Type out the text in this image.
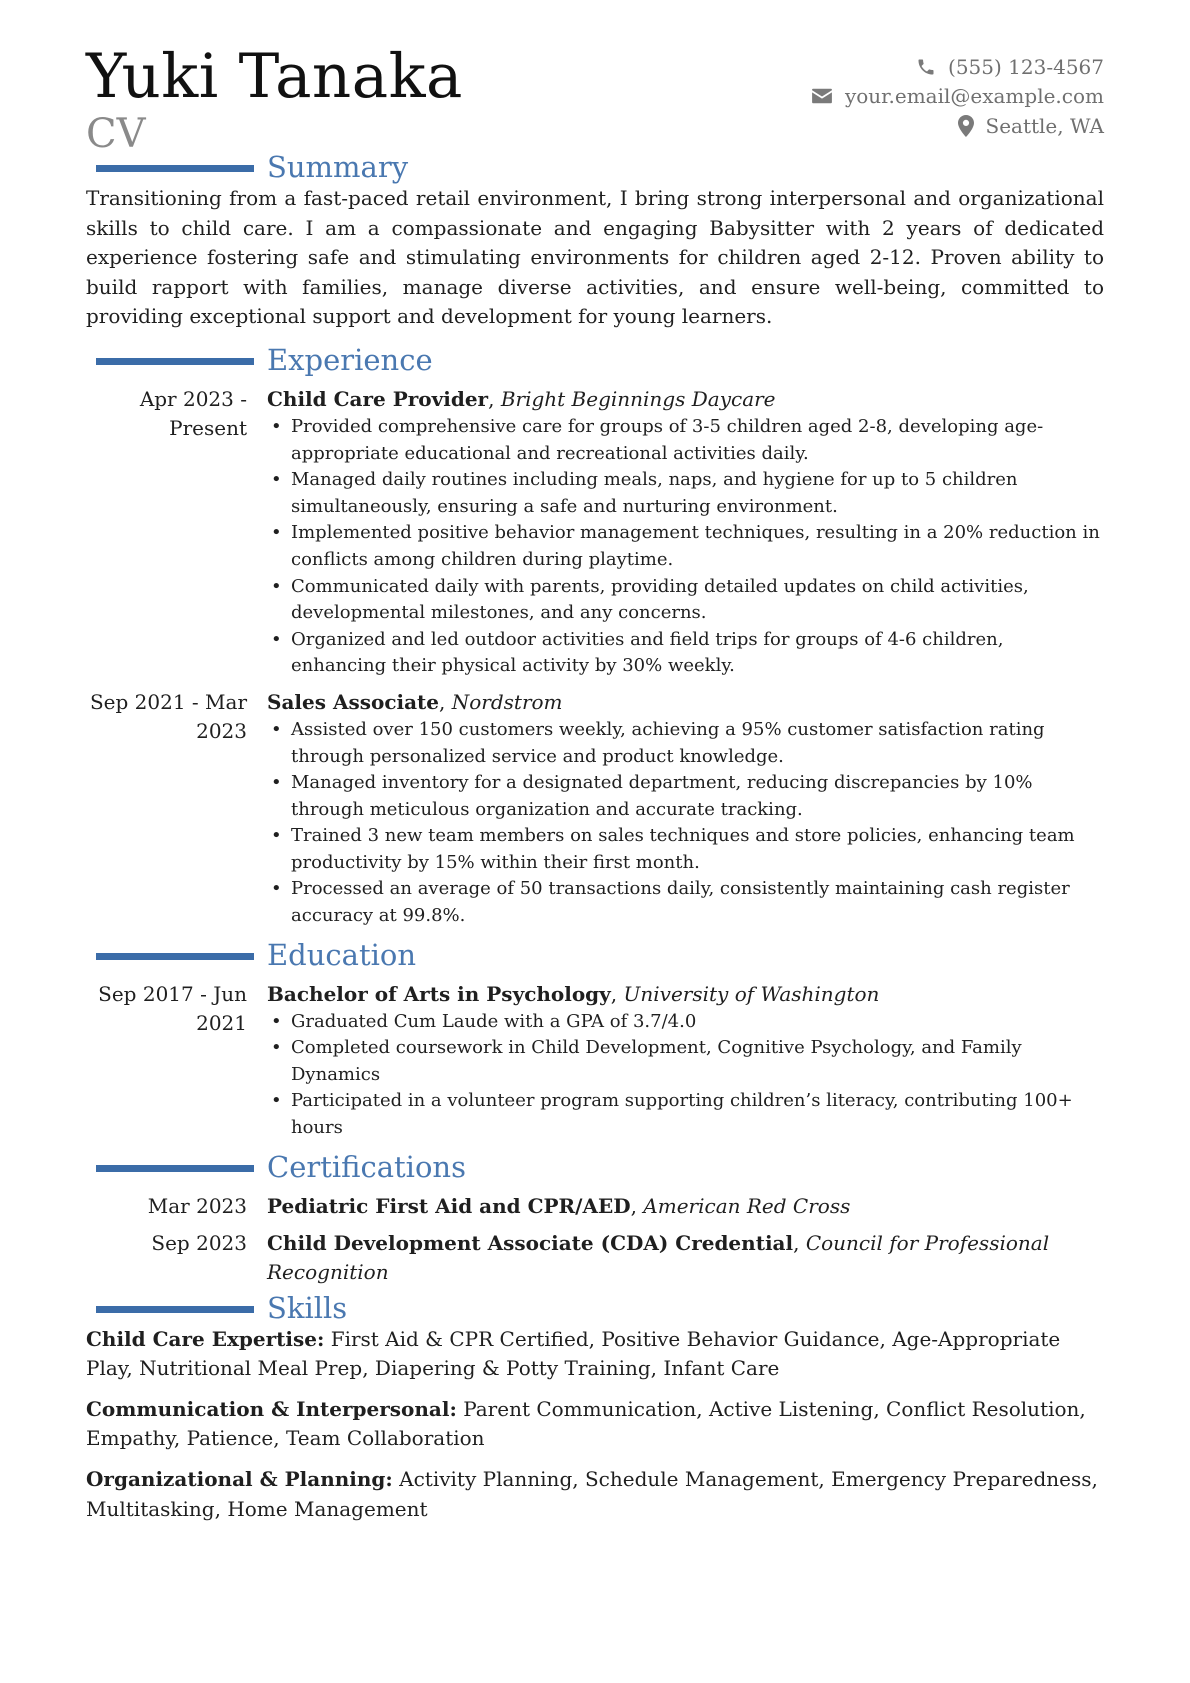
Yuki Tanaka
CV
(555) 123-4567
your.email@example.com
Seattle, WA
Summary
Transitioning from a fast-paced retail environment, I bring strong interpersonal and organizational skills to child care. I am a compassionate and engaging Babysitter with 2 years of dedicated experience fostering safe and stimulating environments for children aged 2-12. Proven ability to build rapport with families, manage diverse activities, and ensure well-being, committed to providing exceptional support and development for young learners.
Experience
Apr 2023 -
Present
Child Care Provider, Bright Beginnings Daycare
• Provided comprehensive care for groups of 3-5 children aged 2-8, developing age-appropriate educational and recreational activities daily.
• Managed daily routines including meals, naps, and hygiene for up to 5 children simultaneously, ensuring a safe and nurturing environment.
• Implemented positive behavior management techniques, resulting in a 20% reduction in conflicts among children during playtime.
• Communicated daily with parents, providing detailed updates on child activities, developmental milestones, and any concerns.
• Organized and led outdoor activities and field trips for groups of 4-6 children, enhancing their physical activity by 30% weekly.
Sep 2021 - Mar
2023
Sales Associate, Nordstrom
• Assisted over 150 customers weekly, achieving a 95% customer satisfaction rating through personalized service and product knowledge.
• Managed inventory for a designated department, reducing discrepancies by 10% through meticulous organization and accurate tracking.
• Trained 3 new team members on sales techniques and store policies, enhancing team productivity by 15% within their first month.
• Processed an average of 50 transactions daily, consistently maintaining cash register accuracy at 99.8%.
Education
Sep 2017 - Jun
2021
Bachelor of Arts in Psychology, University of Washington
• Graduated Cum Laude with a GPA of 3.7/4.0
• Completed coursework in Child Development, Cognitive Psychology, and Family Dynamics
• Participated in a volunteer program supporting children’s literacy, contributing 100+ hours
Certifications
Mar 2023 Pediatric First Aid and CPR/AED, American Red Cross
Sep 2023 Child Development Associate (CDA) Credential, Council for Professional Recognition
Skills
Child Care Expertise: First Aid & CPR Certified, Positive Behavior Guidance, Age-Appropriate Play, Nutritional Meal Prep, Diapering & Potty Training, Infant Care
Communication & Interpersonal: Parent Communication, Active Listening, Conflict Resolution, Empathy, Patience, Team Collaboration
Organizational & Planning: Activity Planning, Schedule Management, Emergency Preparedness, Multitasking, Home Management
